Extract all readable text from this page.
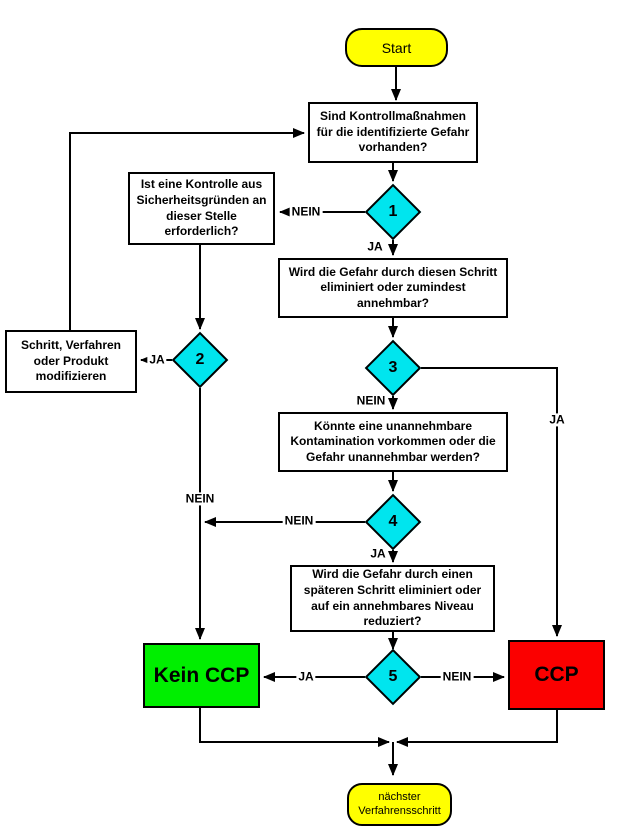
Start
nächster Verfahrensschritt
Sind Kontrollmaßnahmen für die identifizierte Gefahr vorhanden?
Ist eine Kontrolle aus Sicherheitsgründen an dieser Stelle erforderlich?
Wird die Gefahr durch diesen Schritt eliminiert oder zumindest annehmbar?
Schritt, Verfahren oder Produkt modifizieren
Könnte eine unannehmbare Kontamination vorkommen oder die Gefahr unannehmbar werden?
Wird die Gefahr durch einen späteren Schritt eliminiert oder auf ein annehmbares Niveau reduziert?
Kein CCP	CCP
1
2	3
4
5
NEIN
JA
JA
NEIN
NEIN
JA
NEIN
JA
JA	NEIN
